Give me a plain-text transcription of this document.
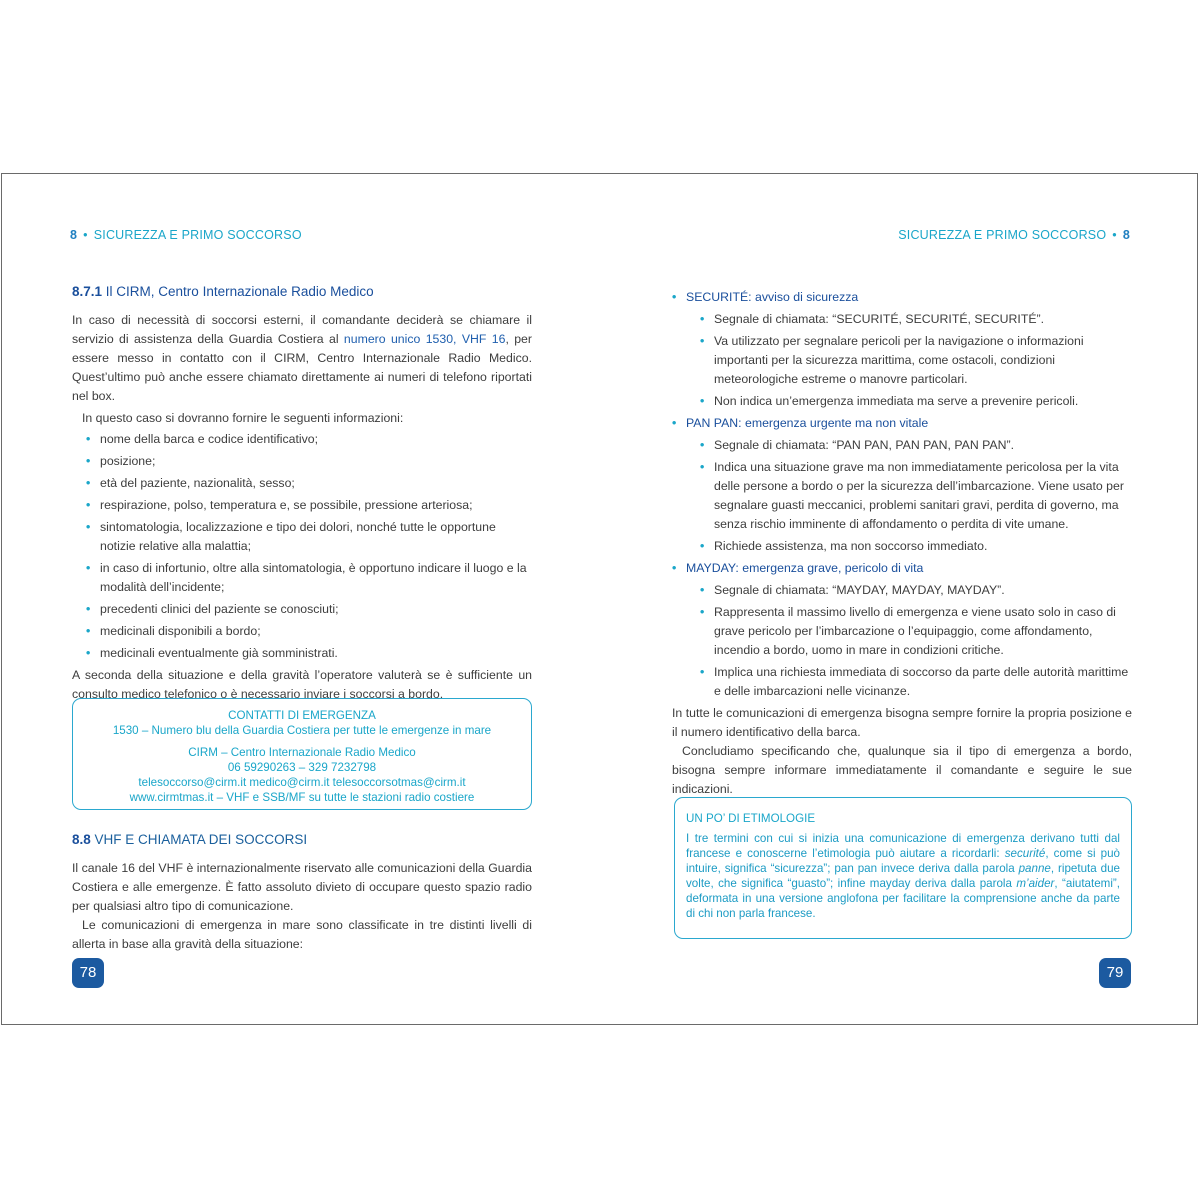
8 • SICUREZZA E PRIMO SOCCORSO
8.7.1 Il CIRM, Centro Internazionale Radio Medico

In caso di necessità di soccorsi esterni, il comandante deciderà se chiamare il servizio di assistenza della Guardia Costiera al numero unico 1530, VHF 16, per essere messo in contatto con il CIRM, Centro Internazionale Radio Medico. Quest’ultimo può anche essere chiamato direttamente ai numeri di telefono riportati nel box.

In questo caso si dovranno fornire le seguenti informazioni:

• nome della barca e codice identificativo;
• posizione;
• età del paziente, nazionalità, sesso;
• respirazione, polso, temperatura e, se possibile, pressione arteriosa;
• sintomatologia, localizzazione e tipo dei dolori, nonché tutte le opportune notizie relative alla malattia;
• in caso di infortunio, oltre alla sintomatologia, è opportuno indicare il luogo e la modalità dell’incidente;
• precedenti clinici del paziente se conosciuti;
• medicinali disponibili a bordo;
• medicinali eventualmente già somministrati.

A seconda della situazione e della gravità l’operatore valuterà se è sufficiente un consulto medico telefonico o è necessario inviare i soccorsi a bordo.

8.8 VHF E CHIAMATA DEI SOCCORSI

Il canale 16 del VHF è internazionalmente riservato alle comunicazioni della Guardia Costiera e alle emergenze. È fatto assoluto divieto di occupare questo spazio radio per qualsiasi altro tipo di comunicazione.

Le comunicazioni di emergenza in mare sono classificate in tre distinti livelli di allerta in base alla gravità della situazione:

78
SICUREZZA E PRIMO SOCCORSO • 8
• SECURITÉ: avviso di sicurezza
• Segnale di chiamata: “SECURITÉ, SECURITÉ, SECURITÉ”.
• Va utilizzato per segnalare pericoli per la navigazione o informazioni importanti per la sicurezza marittima, come ostacoli, condizioni meteorologiche estreme o manovre particolari.
• Non indica un’emergenza immediata ma serve a prevenire pericoli.
• PAN PAN: emergenza urgente ma non vitale
• Segnale di chiamata: “PAN PAN, PAN PAN, PAN PAN”.
• Indica una situazione grave ma non immediatamente pericolosa per la vita delle persone a bordo o per la sicurezza dell’imbarcazione. Viene usato per segnalare guasti meccanici, problemi sanitari gravi, perdita di governo, ma senza rischio imminente di affondamento o perdita di vite umane.
• Richiede assistenza, ma non soccorso immediato.
• MAYDAY: emergenza grave, pericolo di vita
• Segnale di chiamata: “MAYDAY, MAYDAY, MAYDAY”.
• Rappresenta il massimo livello di emergenza e viene usato solo in caso di grave pericolo per l’imbarcazione o l’equipaggio, come affondamento, incendio a bordo, uomo in mare in condizioni critiche.
• Implica una richiesta immediata di soccorso da parte delle autorità marittime e delle imbarcazioni nelle vicinanze.

In tutte le comunicazioni di emergenza bisogna sempre fornire la propria posizione e il numero identificativo della barca.

Concludiamo specificando che, qualunque sia il tipo di emergenza a bordo, bisogna sempre informare immediatamente il comandante e seguire le sue indicazioni.

79
CONTATTI DI EMERGENZA
1530 – Numero blu della Guardia Costiera per tutte le emergenze in mare
CIRM – Centro Internazionale Radio Medico
06 59290263 – 329 7232798
telesoccorso@cirm.it medico@cirm.it telesoccorsotmas@cirm.it
www.cirmtmas.it – VHF e SSB/MF su tutte le stazioni radio costiere
UN PO’ DI ETIMOLOGIE
I tre termini con cui si inizia una comunicazione di emergenza derivano tutti dal francese e conoscerne l’etimologia può aiutare a ricordarli: securité, come si può intuire, significa “sicurezza”; pan pan invece deriva dalla parola panne, ripetuta due volte, che significa “guasto”; infine mayday deriva dalla parola m’aider, “aiutatemi”, deformata in una versione anglofona per facilitare la comprensione anche da parte di chi non parla francese.
